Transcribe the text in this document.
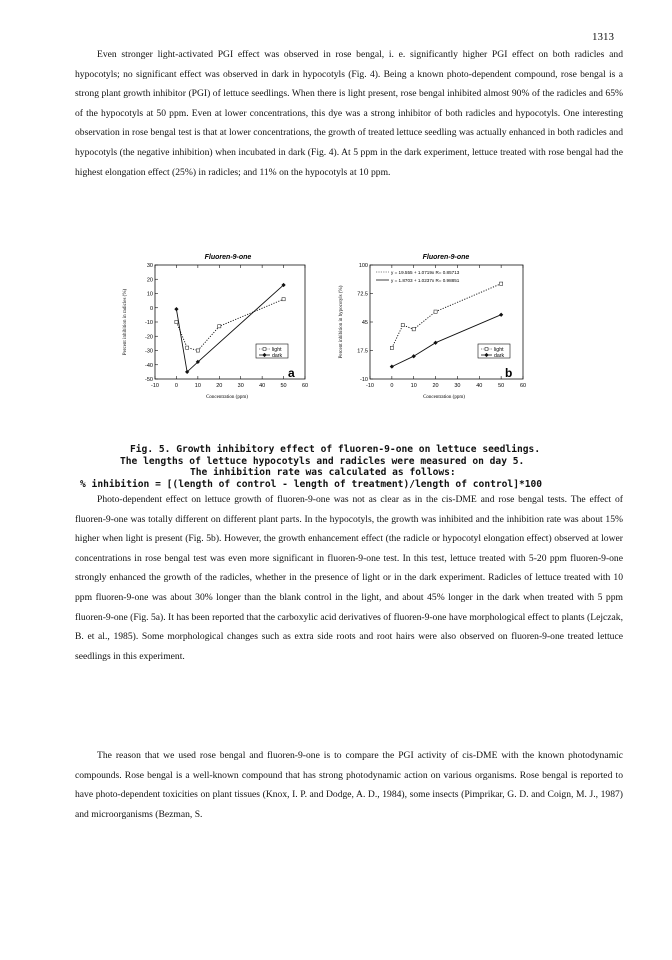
1313

Even stronger light-activated PGI effect was observed in rose bengal, i. e. significantly higher PGI effect on both radicles and hypocotyls; no significant effect was observed in dark in hypocotyls (Fig. 4). Being a known photo-dependent compound, rose bengal is a strong plant growth inhibitor (PGI) of lettuce seedlings. When there is light present, rose bengal inhibited almost 90% of the radicles and 65% of the hypocotyls at 50 ppm. Even at lower concentrations, this dye was a strong inhibitor of both radicles and hypocotyls. One interesting observation in rose bengal test is that at lower concentrations, the growth of treated lettuce seedling was actually enhanced in both radicles and hypocotyls (the negative inhibition) when incubated in dark (Fig. 4). At 5 ppm in the dark experiment, lettuce treated with rose bengal had the highest elongation effect (25%) in radicles; and 11% on the hypocotyls at 10 ppm.

Fluoren-9-one
30
20
10
0
-10
-20
-30
-40
-50
-10	0	10	20	30	40	50	60
Concentration (ppm)
Percent inhibition in radicles (%)	light
dark
a
Fluoren-9-one
100
72.5
45
17.5
-10
-10	0	10	20	30	40	50	60
Concentration (ppm)
Percent inhibition in hypocotyls (%)
y = 19.555 + 1.0719x R= 0.85713
y = 1.8703 + 1.0237x R= 0.98851
light
dark
b
Fig. 5. Growth inhibitory effect of fluoren-9-one on lettuce seedlings.
The lengths of lettuce hypocotyls and radicles were measured on day 5.
The inhibition rate was calculated as follows:
% inhibition = [(length of control - length of treatment)/length of control]*100

Photo-dependent effect on lettuce growth of fluoren-9-one was not as clear as in the cis-DME and rose bengal tests. The effect of fluoren-9-one was totally different on different plant parts. In the hypocotyls, the growth was inhibited and the inhibition rate was about 15% higher when light is present (Fig. 5b). However, the growth enhancement effect (the radicle or hypocotyl elongation effect) observed at lower concentrations in rose bengal test was even more significant in fluoren-9-one test. In this test, lettuce treated with 5-20 ppm fluoren-9-one strongly enhanced the growth of the radicles, whether in the presence of light or in the dark experiment. Radicles of lettuce treated with 10 ppm fluoren-9-one was about 30% longer than the blank control in the light, and about 45% longer in the dark when treated with 5 ppm fluoren-9-one (Fig. 5a). It has been reported that the carboxylic acid derivatives of fluoren-9-one have morphological effect to plants (Lejczak, B. et al., 1985). Some morphological changes such as extra side roots and root hairs were also observed on fluoren-9-one treated lettuce seedlings in this experiment.

The reason that we used rose bengal and fluoren-9-one is to compare the PGI activity of cis-DME with the known photodynamic compounds. Rose bengal is a well-known compound that has strong photodynamic action on various organisms. Rose bengal is reported to have photo-dependent toxicities on plant tissues (Knox, I. P. and Dodge, A. D., 1984), some insects (Pimprikar, G. D. and Coign, M. J., 1987) and microorganisms (Bezman, S.
